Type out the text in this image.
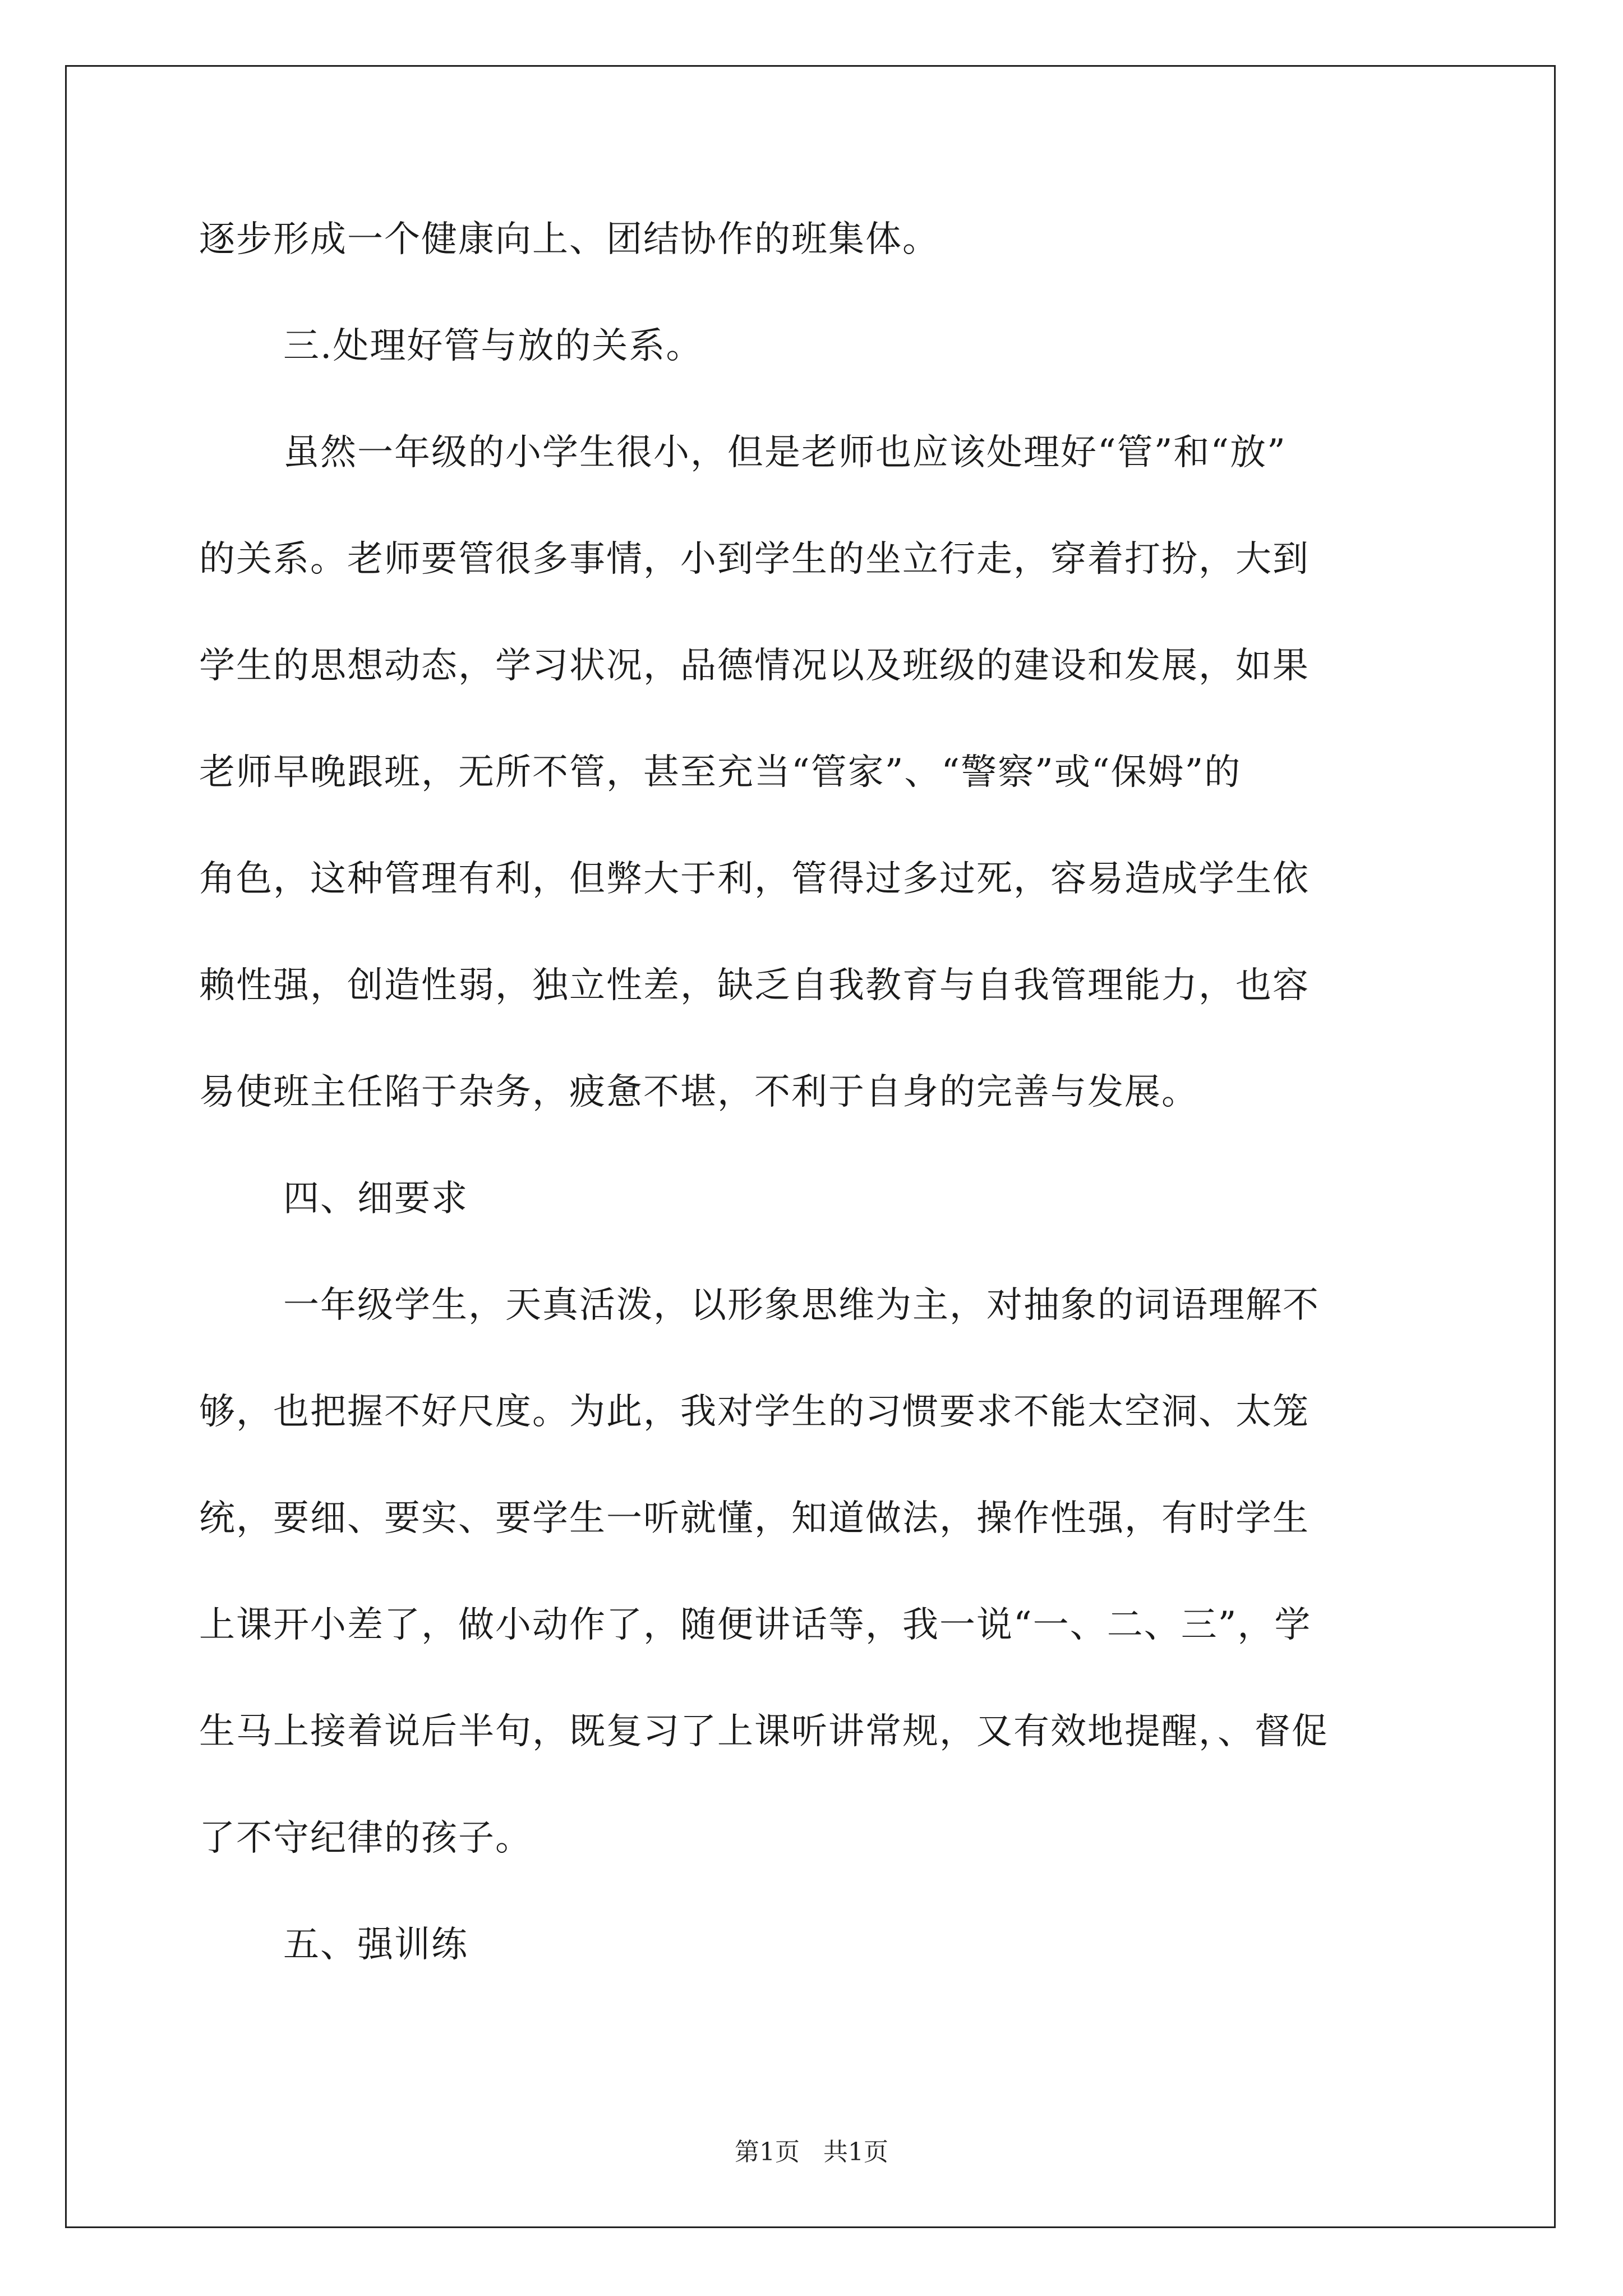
逐步形成一个健康向上、团结协作的班集体。
三.处理好管与放的关系。
虽然一年级的小学生很小，但是老师也应该处理好“管”和“放”
的关系。老师要管很多事情，小到学生的坐立行走，穿着打扮，大到
学生的思想动态，学习状况，品德情况以及班级的建设和发展，如果
老师早晚跟班，无所不管，甚至充当“管家”、“警察”或“保姆”的
角色，这种管理有利，但弊大于利，管得过多过死，容易造成学生依
赖性强，创造性弱，独立性差，缺乏自我教育与自我管理能力，也容
易使班主任陷于杂务，疲惫不堪，不利于自身的完善与发展。
四、细要求
一年级学生，天真活泼，以形象思维为主，对抽象的词语理解不
够，也把握不好尺度。为此，我对学生的习惯要求不能太空洞、太笼
统，要细、要实、要学生一听就懂，知道做法，操作性强，有时学生
上课开小差了，做小动作了，随便讲话等，我一说“一、二、三”，学
生马上接着说后半句，既复习了上课听讲常规，又有效地提醒，、督促
了不守纪律的孩子。
五、强训练
第1页 共1页
